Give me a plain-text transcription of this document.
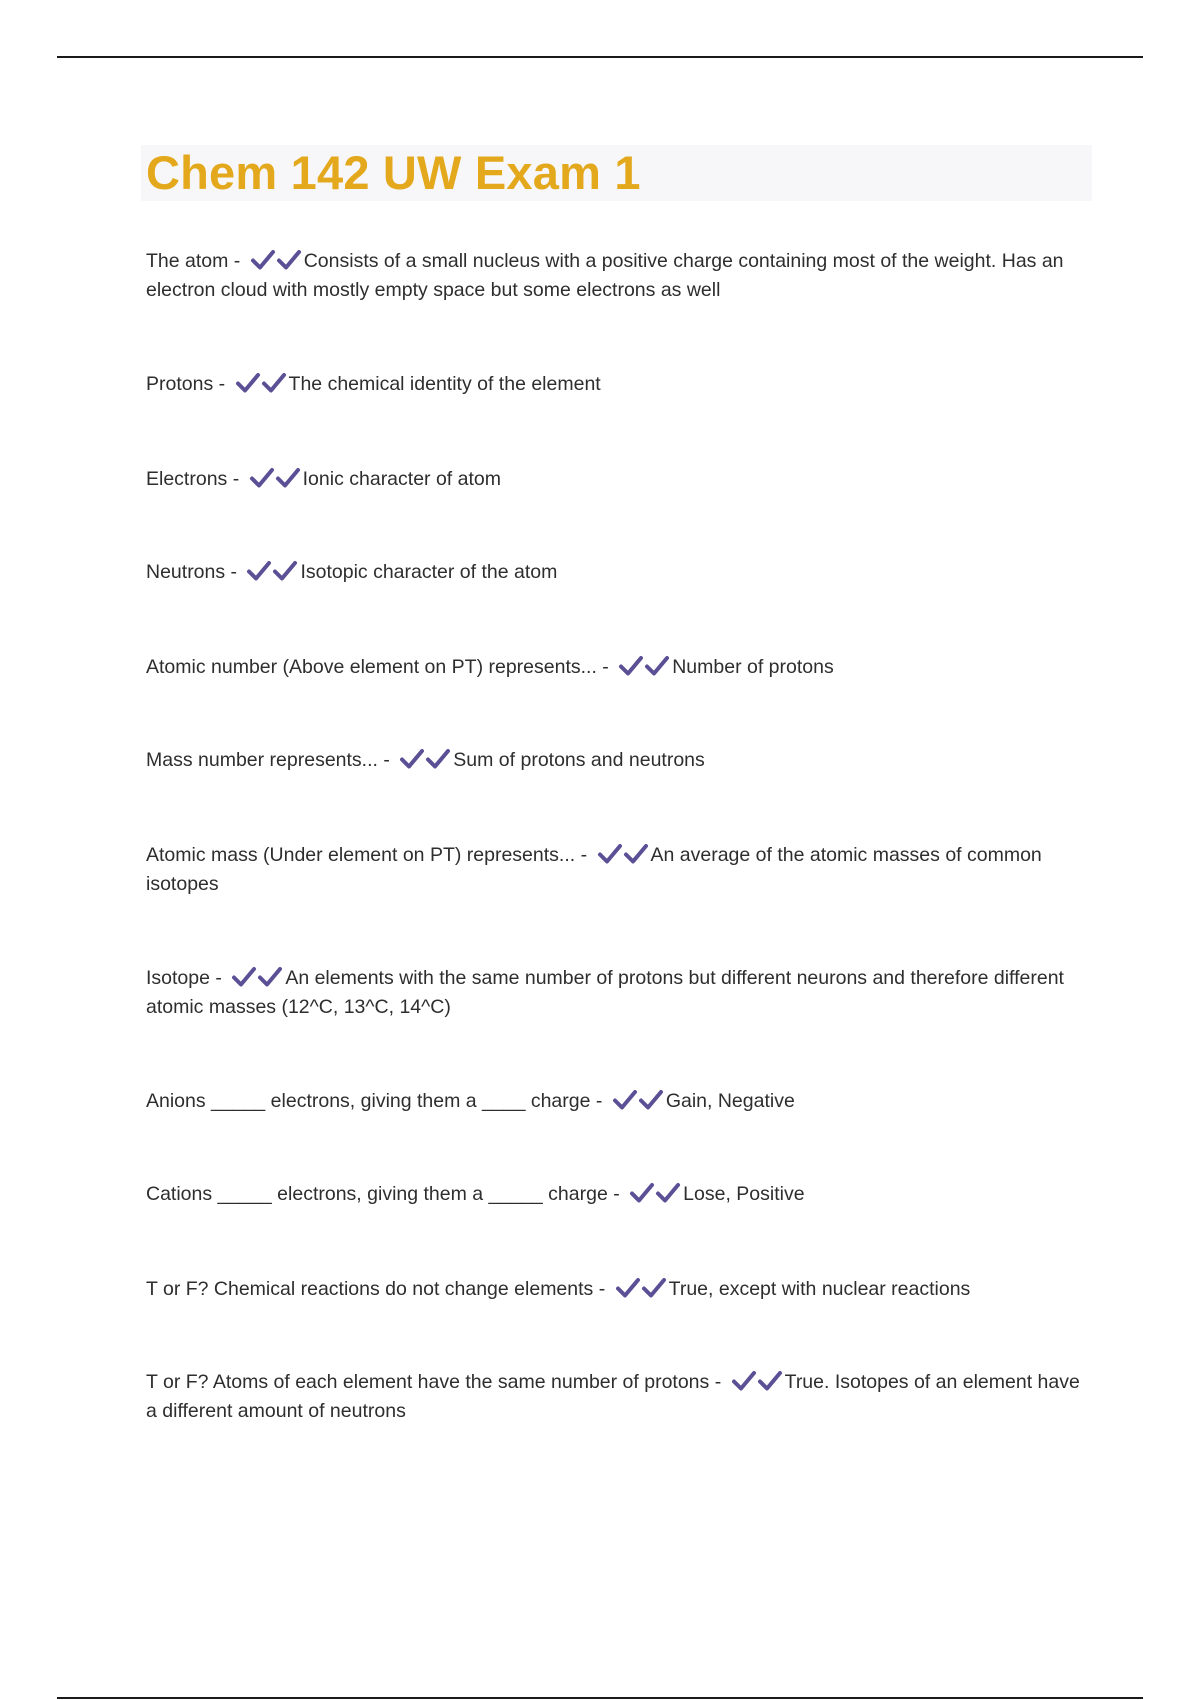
Chem 142 UW Exam 1

The atom -	Consists of a small nucleus with a positive charge containing most of the weight. Has an electron cloud with mostly empty space but some electrons as well

Protons -	The chemical identity of the element

Electrons -	Ionic character of atom

Neutrons -	Isotopic character of the atom

Atomic number (Above element on PT) represents... -	Number of protons

Mass number represents... -	Sum of protons and neutrons

Atomic mass (Under element on PT) represents... -	An average of the atomic masses of common isotopes

Isotope -	An elements with the same number of protons but different neurons and therefore different atomic masses (12^C, 13^C, 14^C)

Anions _____ electrons, giving them a ____ charge -	Gain, Negative

Cations _____ electrons, giving them a _____ charge -	Lose, Positive

T or F? Chemical reactions do not change elements -	True, except with nuclear reactions

T or F? Atoms of each element have the same number of protons -	True. Isotopes of an element have a different amount of neutrons
